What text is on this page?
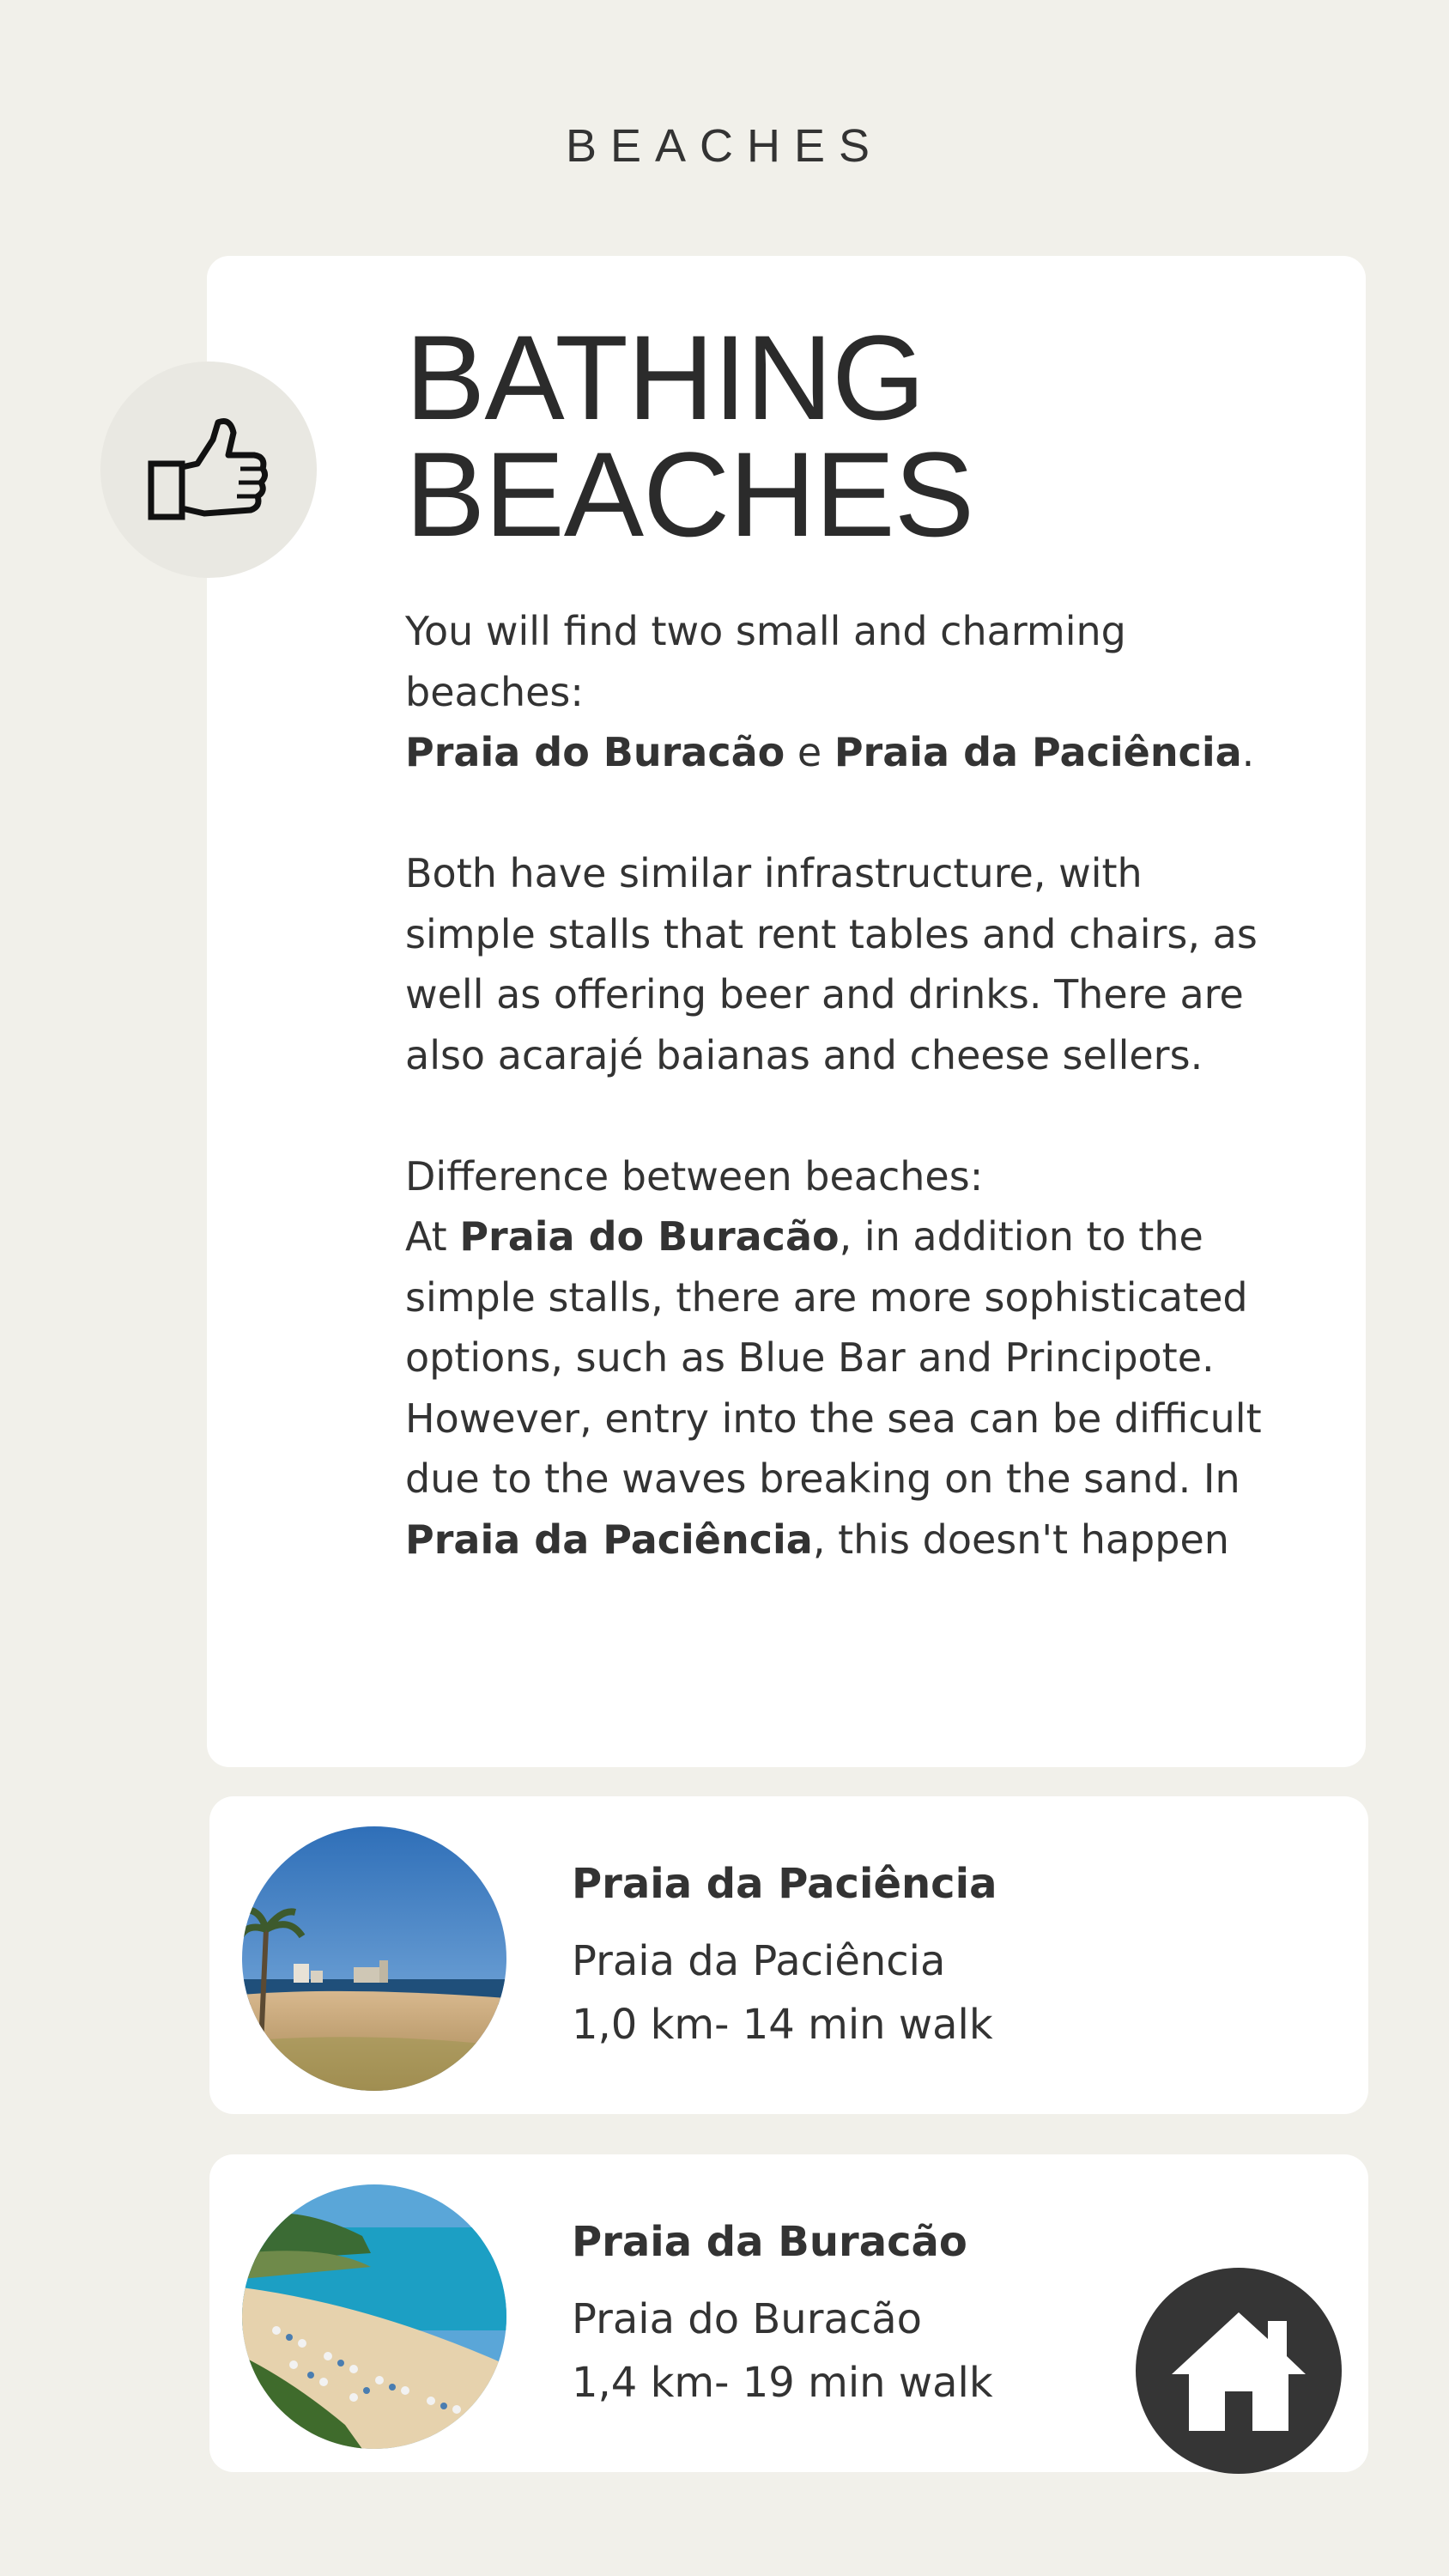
BEACHES
BATHING
BEACHES

You will find two small and charming beaches:

Praia do Buracão e Praia da Paciência.

Both have similar infrastructure, with simple stalls that rent tables and chairs, as well as offering beer and drinks. There are also acarajé baianas and cheese sellers.

Difference between beaches:

At Praia do Buracão, in addition to the simple stalls, there are more sophisticated options, such as Blue Bar and Principote. However, entry into the sea can be difficult due to the waves breaking on the sand. In Praia da Paciência, this doesn't happen

Praia da Paciência
Praia da Paciência
1,0 km- 14 min walk
Praia da Buracão
Praia do Buracão
1,4 km- 19 min walk
